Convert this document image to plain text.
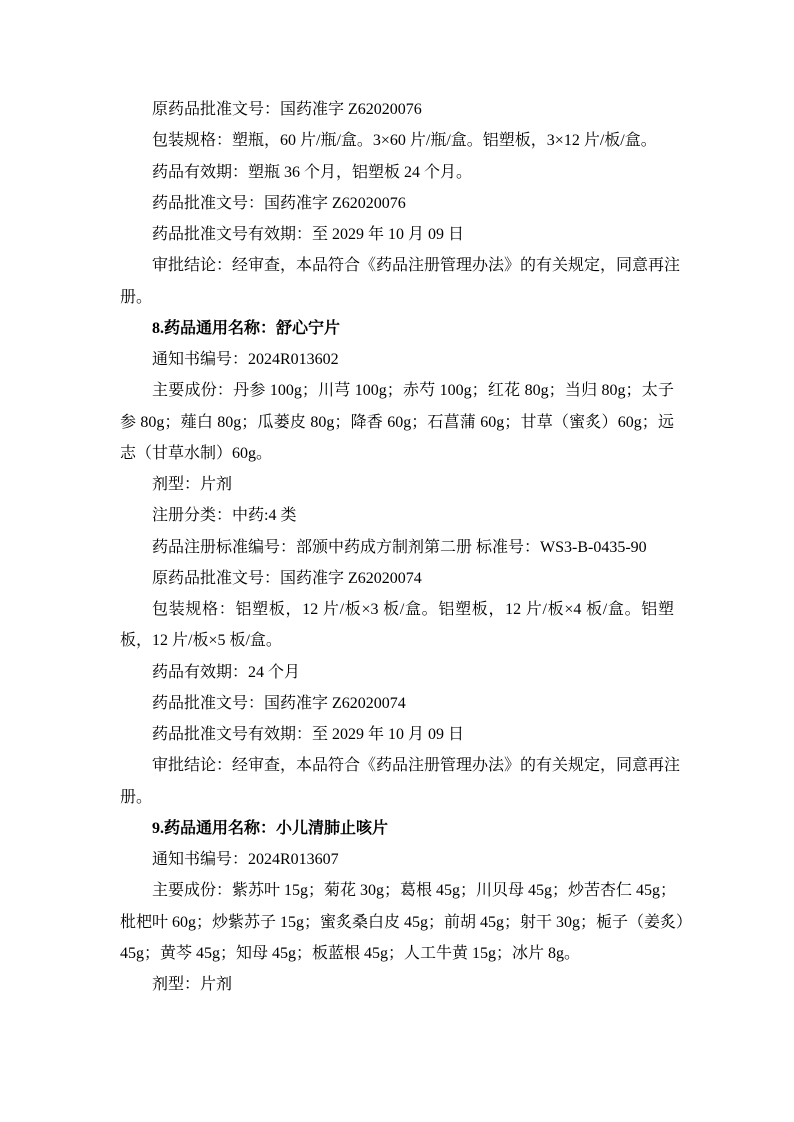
原药品批准文号：国药准字 Z62020076
包装规格：塑瓶，60 片/瓶/盒。3×60 片/瓶/盒。铝塑板，3×12 片/板/盒。
药品有效期：塑瓶 36 个月，铝塑板 24 个月。
药品批准文号：国药准字 Z62020076
药品批准文号有效期：至 2029 年 10 月 09 日
审批结论：经审查，本品符合《药品注册管理办法》的有关规定，同意再注
册。
8.药品通用名称：舒心宁片
通知书编号：2024R013602
主要成份：丹参 100g；川芎 100g；赤芍 100g；红花 80g；当归 80g；太子
参 80g；薤白 80g；瓜蒌皮 80g；降香 60g；石菖蒲 60g；甘草（蜜炙）60g；远
志（甘草水制）60g。
剂型：片剂
注册分类：中药:4 类
药品注册标准编号：部颁中药成方制剂第二册 标准号：WS3-B-0435-90
原药品批准文号：国药准字 Z62020074
包装规格：铝塑板，12 片/板×3 板/盒。铝塑板，12 片/板×4 板/盒。铝塑
板，12 片/板×5 板/盒。
药品有效期：24 个月
药品批准文号：国药准字 Z62020074
药品批准文号有效期：至 2029 年 10 月 09 日
审批结论：经审查，本品符合《药品注册管理办法》的有关规定，同意再注
册。
9.药品通用名称：小儿清肺止咳片
通知书编号：2024R013607
主要成份：紫苏叶 15g；菊花 30g；葛根 45g；川贝母 45g；炒苦杏仁 45g；
枇杷叶 60g；炒紫苏子 15g；蜜炙桑白皮 45g；前胡 45g；射干 30g；栀子（姜炙）
45g；黄芩 45g；知母 45g；板蓝根 45g；人工牛黄 15g；冰片 8g。
剂型：片剂
